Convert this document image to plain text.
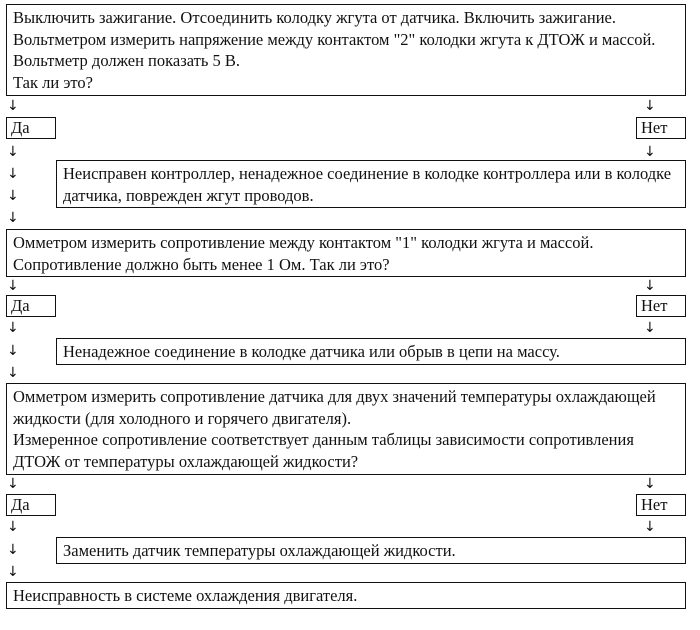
Выключить зажигание. Отсоединить колодку жгута от датчика. Включить зажигание. Вольтметром измерить напряжение между контактом "2" колодки жгута к ДТОЖ и массой. Вольтметр должен показать 5 В.
Так ли это?
↓	↓
Да	Нет
↓	↓
↓
↓
↓
Неисправен контроллер, ненадежное соединение в колодке контроллера или в колодке датчика, поврежден жгут проводов.
Омметром измерить сопротивление между контактом "1" колодки жгута и массой. Сопротивление должно быть менее 1 Ом. Так ли это?
↓	↓
Да	Нет
↓	↓
↓
↓
Ненадежное соединение в колодке датчика или обрыв в цепи на массу.
Омметром измерить сопротивление датчика для двух значений температуры охлаждающей жидкости (для холодного и горячего двигателя).
Измеренное сопротивление соответствует данным таблицы зависимости сопротивления ДТОЖ от температуры охлаждающей жидкости?
↓	↓
Да	Нет
↓	↓
↓
↓
Заменить датчик температуры охлаждающей жидкости.
Неисправность в системе охлаждения двигателя.
